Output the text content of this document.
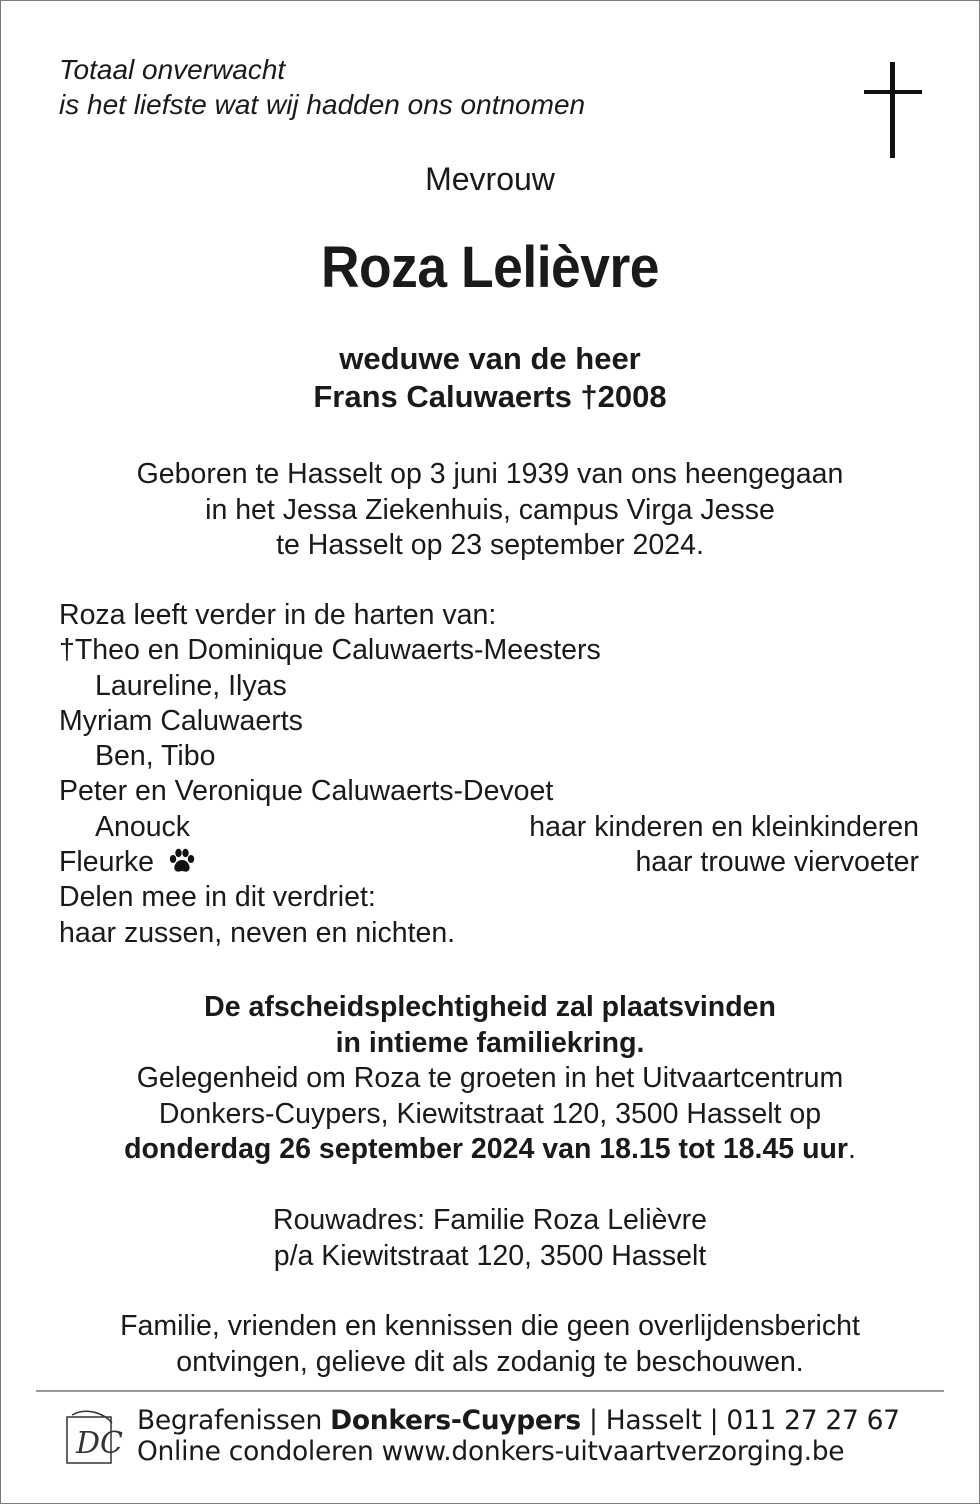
Totaal onverwacht
is het liefste wat wij hadden ons ontnomen
Mevrouw
Roza Lelièvre
weduwe van de heer
Frans Caluwaerts †2008
Geboren te Hasselt op 3 juni 1939 van ons heengegaan
in het Jessa Ziekenhuis, campus Virga Jesse
te Hasselt op 23 september 2024.
Roza leeft verder in de harten van:
†Theo en Dominique Caluwaerts-Meesters
Laureline, Ilyas
Myriam Caluwaerts
Ben, Tibo
Peter en Veronique Caluwaerts-Devoet
Anouck	haar kinderen en kleinkinderen
Fleurke	haar trouwe viervoeter
Delen mee in dit verdriet:
haar zussen, neven en nichten.
De afscheidsplechtigheid zal plaatsvinden
in intieme familiekring.
Gelegenheid om Roza te groeten in het Uitvaartcentrum
Donkers-Cuypers, Kiewitstraat 120, 3500 Hasselt op
donderdag 26 september 2024 van 18.15 tot 18.45 uur.
Rouwadres: Familie Roza Lelièvre
p/a Kiewitstraat 120, 3500 Hasselt
Familie, vrienden en kennissen die geen overlijdensbericht
ontvingen, gelieve dit als zodanig te beschouwen.
DC
Begrafenissen Donkers-Cuypers | Hasselt | 011 27 27 67
Online condoleren www.donkers-uitvaartverzorging.be
